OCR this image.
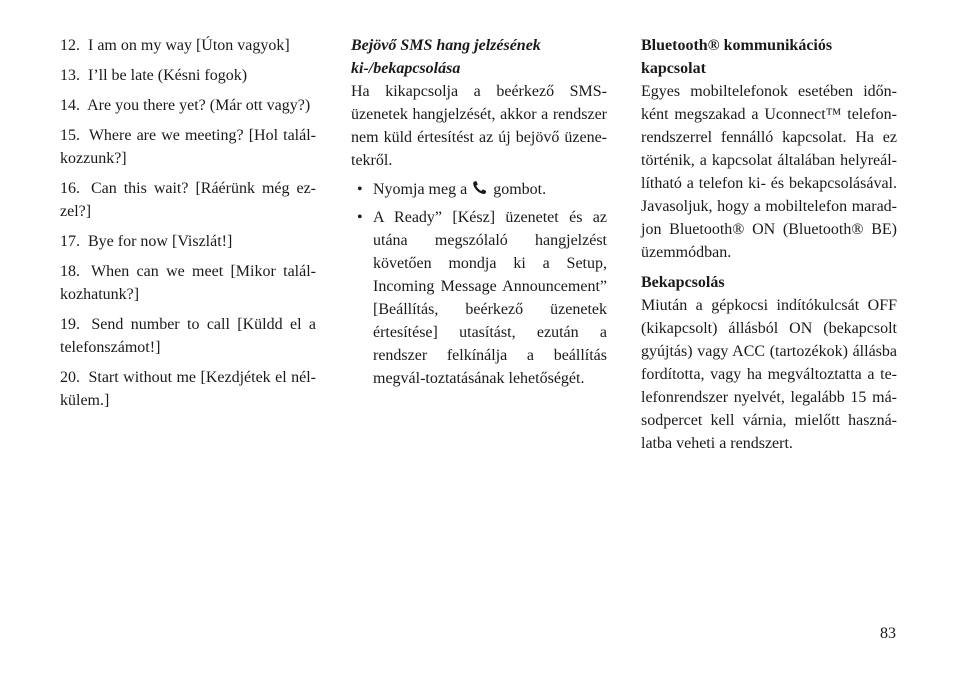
12. I am on my way [Úton vagyok]
13. I’ll be late (Késni fogok)
14. Are you there yet? (Már ott vagy?)
15. Where are we meeting? [Hol talál-kozzunk?]
16. Can this wait? [Ráérünk még ez-zel?]
17. Bye for now [Viszlát!]
18. When can we meet [Mikor talál-kozhatunk?]
19. Send number to call [Küldd el a telefonszámot!]
20. Start without me [Kezdjétek el nél-külem.]
Bejövő SMS hang jelzésének
ki-/bekapcsolása

Ha kikapcsolja a beérkező SMS-üzenetek hangjelzését, akkor a rendszer nem küld értesítést az új bejövő üzene-tekről.

• Nyomja meg a gombot.
• A Ready” [Kész] üzenetet és az utána megszólaló hangjelzést követően mondja ki a Setup, Incoming Message Announcement” [Beállítás, beérkező üzenetek értesítése] utasítást, ezután a rendszer felkínálja a beállítás megvál-toztatásának lehetőségét.
Bluetooth® kommunikációs
kapcsolat
Egyes mobiltelefonok esetében időn-ként megszakad a Uconnect™ telefon-rendszerrel fennálló kapcsolat. Ha ez történik, a kapcsolat általában helyreál-lítható a telefon ki- és bekapcsolásával. Javasoljuk, hogy a mobiltelefon marad-jon Bluetooth® ON (Bluetooth® BE) üzemmódban.
Bekapcsolás
Miután a gépkocsi indítókulcsát OFF (kikapcsolt) állásból ON (bekapcsolt gyújtás) vagy ACC (tartozékok) állásba fordította, vagy ha megváltoztatta a te-lefonrendszer nyelvét, legalább 15 má-sodpercet kell várnia, mielőtt haszná-latba veheti a rendszert.
83
